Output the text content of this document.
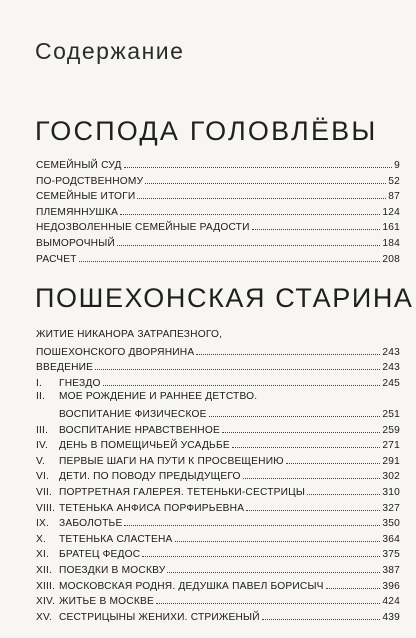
Содержание
ГОСПОДА ГОЛОВЛЁВЫ
СЕМЕЙНЫЙ СУД	9
ПО-РОДСТВЕННОМУ	52
СЕМЕЙНЫЕ ИТОГИ	87
ПЛЕМЯННУШКА	124
НЕДОЗВОЛЕННЫЕ СЕМЕЙНЫЕ РАДОСТИ	161
ВЫМОРОЧНЫЙ	184
РАСЧЕТ	208
ПОШЕХОНСКАЯ СТАРИНА
ЖИТИЕ НИКАНОРА ЗАТРАПЕЗНОГО,
ПОШЕХОНСКОГО ДВОРЯНИНА	243
ВВЕДЕНИЕ	243
I.	ГНЕЗДО	245
II.	МОЕ РОЖДЕНИЕ И РАННЕЕ ДЕТСТВО.
ВОСПИТАНИЕ ФИЗИЧЕСКОЕ	251
III.	ВОСПИТАНИЕ НРАВСТВЕННОЕ	259
IV.	ДЕНЬ В ПОМЕЩИЧЬЕЙ УСАДЬБЕ	271
V.	ПЕРВЫЕ ШАГИ НА ПУТИ К ПРОСВЕЩЕНИЮ	291
VI. ДЕТИ. ПО ПОВОДУ ПРЕДЫДУЩЕГО	302
VII. ПОРТРЕТНАЯ ГАЛЕРЕЯ. ТЕТЕНЬКИ-СЕСТРИЦЫ	310
VIII. ТЕТЕНЬКА АНФИСА ПОРФИРЬЕВНА	327
IX. ЗАБОЛОТЬЕ	350
X.	ТЕТЕНЬКА СЛАСТЕНА	364
XI. БРАТЕЦ ФЕДОС	375
XII. ПОЕЗДКИ В МОСКВУ	387
XIII. МОСКОВСКАЯ РОДНЯ. ДЕДУШКА ПАВЕЛ БОРИСЫЧ	396
XIV. ЖИТЬЕ В МОСКВЕ	424
XV. СЕСТРИЦЫНЫ ЖЕНИХИ. СТРИЖЕНЫЙ	439
